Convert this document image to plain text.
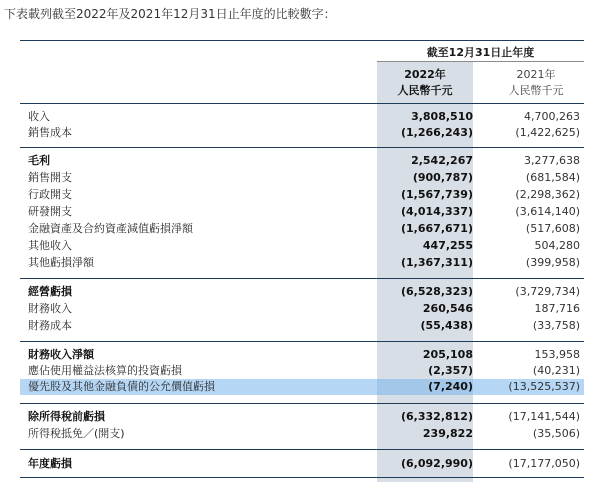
下表載列截至2022年及2021年12月31日止年度的比較數字：
截至12月31日止年度
2022年
人民幣千元
2021年
人民幣千元
收入	3,808,510	4,700,263
銷售成本	(1,266,243)	(1,422,625)
毛利	2,542,267	3,277,638
銷售開支	(900,787)	(681,584)
行政開支	(1,567,739)	(2,298,362)
研發開支	(4,014,337)	(3,614,140)
金融資產及合約資產減值虧損淨額	(1,667,671)	(517,608)
其他收入	447,255	504,280
其他虧損淨額	(1,367,311)	(399,958)
經營虧損	(6,528,323)	(3,729,734)
財務收入	260,546	187,716
財務成本	(55,438)	(33,758)
財務收入淨額	205,108	153,958
應佔使用權益法核算的投資虧損	(2,357)	(40,231)
優先股及其他金融負債的公允價值虧損	(7,240)	(13,525,537)
除所得稅前虧損	(6,332,812)	(17,141,544)
所得稅抵免／(開支)	239,822	(35,506)
年度虧損	(6,092,990)	(17,177,050)
